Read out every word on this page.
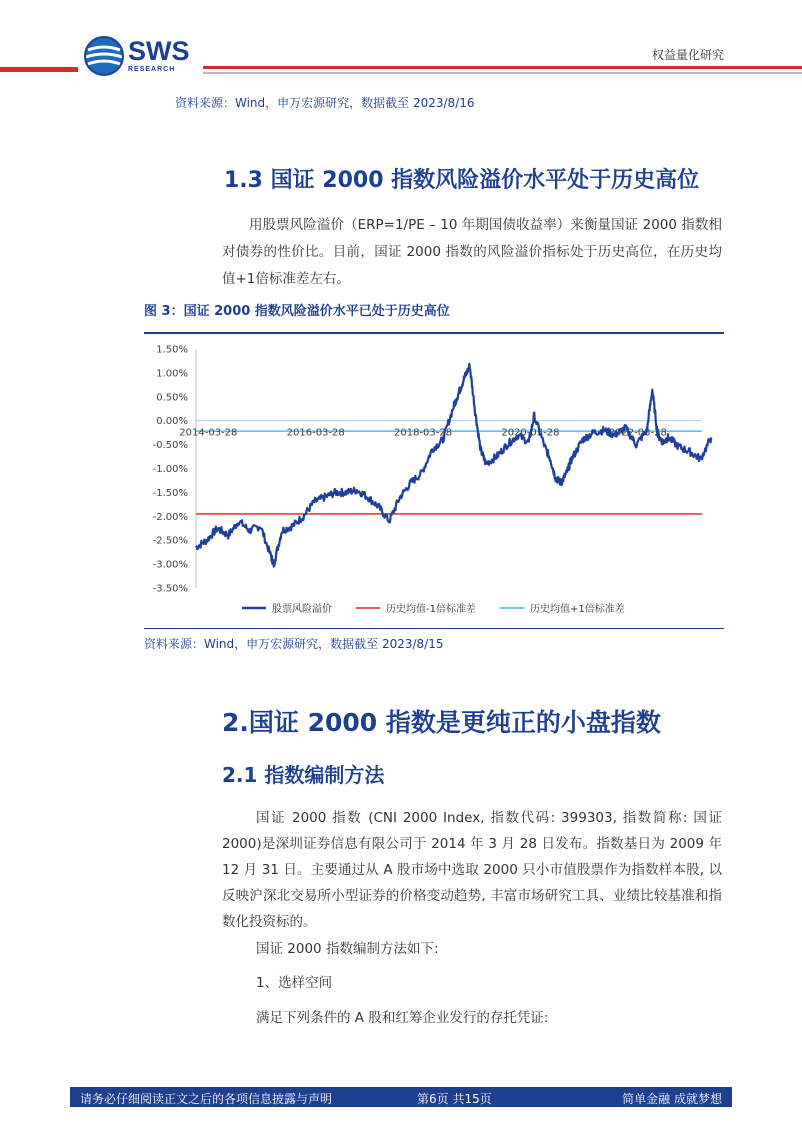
SWS
RESEARCH
权益量化研究
资料来源：Wind，申万宏源研究，数据截至 2023/8/16
1.3 国证 2000 指数风险溢价水平处于历史高位
用股票风险溢价（ERP=1/PE – 10 年期国债收益率）来衡量国证 2000 指数相对债券的性价比。目前，国证 2000 指数的风险溢价指标处于历史高位，在历史均值+1倍标准差左右。
图 3：国证 2000 指数风险溢价水平已处于历史高位
1.50%
1.00%
0.50%
0.00%
-0.50%
-1.00%
-1.50%
-2.00%
-2.50%
-3.00%
-3.50%
2014-03-28	2016-03-28	2018-03-28	2020-03-28	2022-03-28
股票风险溢价	历史均值-1倍标准差	历史均值+1倍标准差
资料来源：Wind，申万宏源研究，数据截至 2023/8/15
2.国证 2000 指数是更纯正的小盘指数
2.1 指数编制方法
国证 2000 指数 (CNI 2000 Index, 指数代码: 399303, 指数简称: 国证 2000)是深圳证券信息有限公司于 2014 年 3 月 28 日发布。指数基日为 2009 年 12 月 31 日。主要通过从 A 股市场中选取 2000 只小市值股票作为指数样本股, 以反映沪深北交易所小型证券的价格变动趋势, 丰富市场研究工具、业绩比较基准和指数化投资标的。
国证 2000 指数编制方法如下:
1、选样空间
满足下列条件的 A 股和红筹企业发行的存托凭证:
请务必仔细阅读正文之后的各项信息披露与声明	第6页 共15页	简单金融 成就梦想
